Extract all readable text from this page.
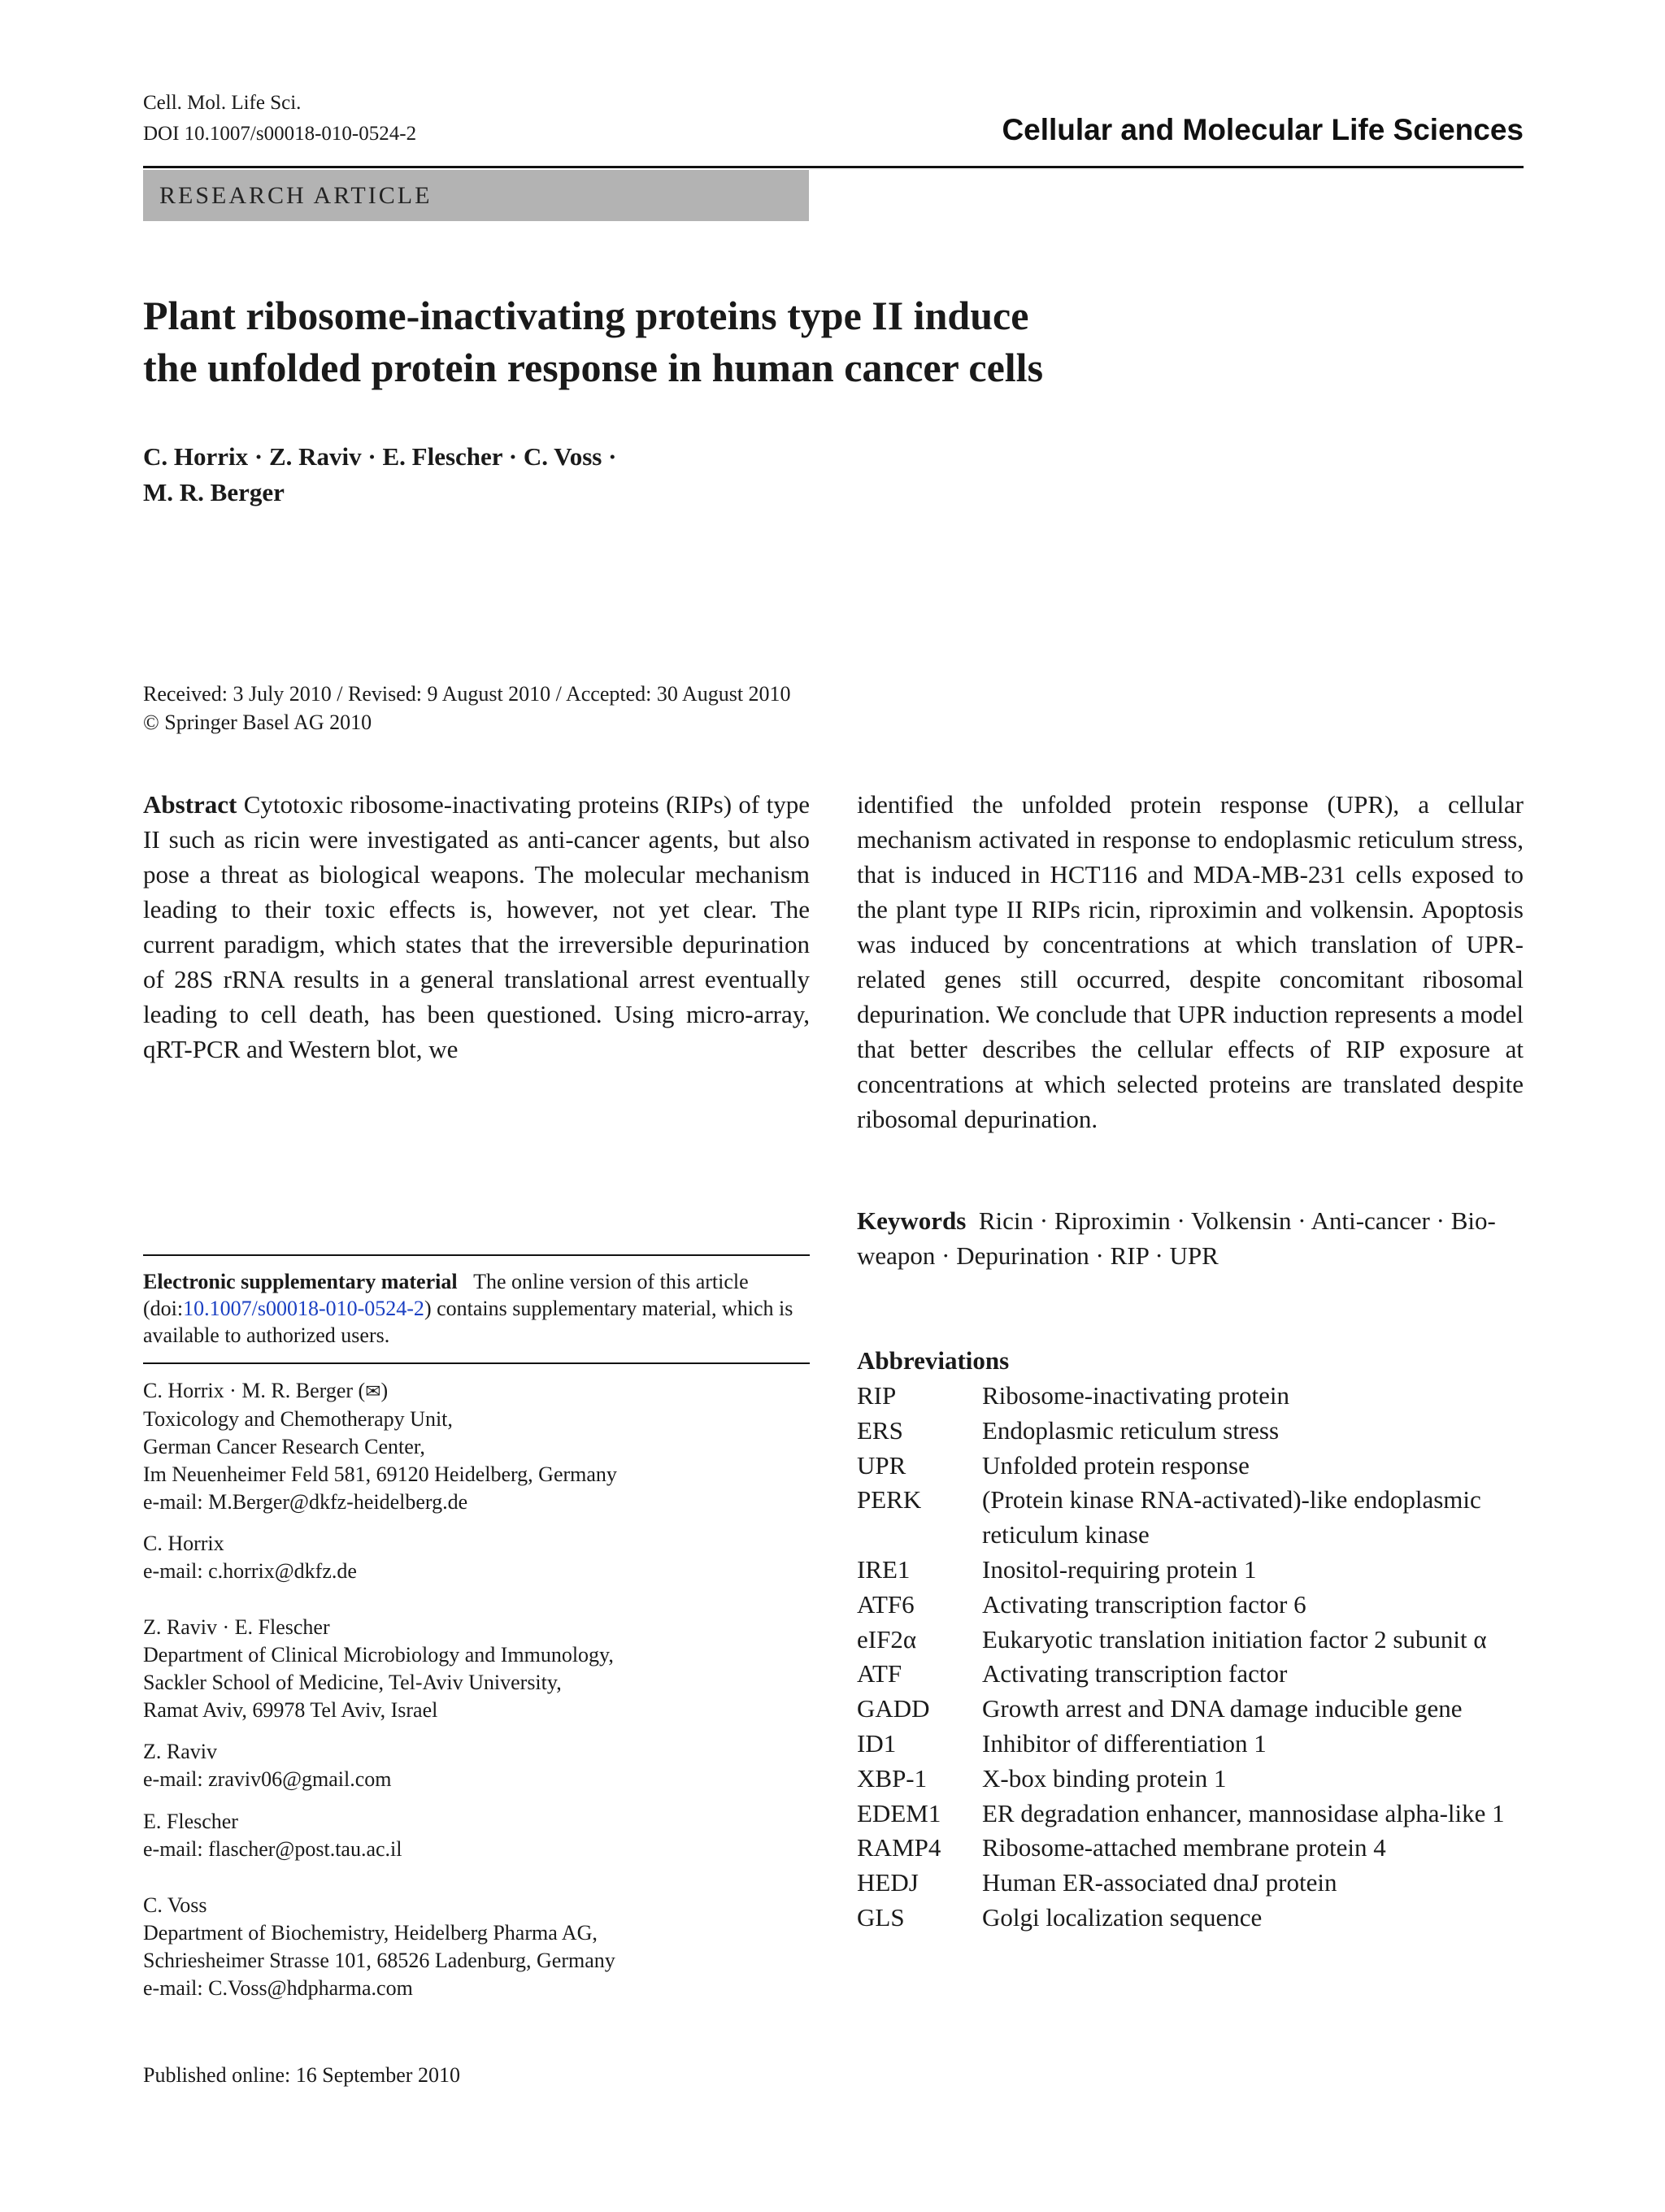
Cell. Mol. Life Sci.
DOI 10.1007/s00018-010-0524-2	Cellular and Molecular Life Sciences
RESEARCH ARTICLE
Plant ribosome-inactivating proteins type II induce
the unfolded protein response in human cancer cells
C. Horrix · Z. Raviv · E. Flescher · C. Voss ·
M. R. Berger
Received: 3 July 2010 / Revised: 9 August 2010 / Accepted: 30 August 2010
© Springer Basel AG 2010

Abstract Cytotoxic ribosome-inactivating proteins (RIPs) of type II such as ricin were investigated as anti-cancer agents, but also pose a threat as biological weapons. The molecular mechanism leading to their toxic effects is, however, not yet clear. The current paradigm, which states that the irreversible depurination of 28S rRNA results in a general translational arrest eventually leading to cell death, has been questioned. Using micro-array, qRT-PCR and Western blot, we

identified the unfolded protein response (UPR), a cellular mechanism activated in response to endoplasmic reticulum stress, that is induced in HCT116 and MDA-MB-231 cells exposed to the plant type II RIPs ricin, riproximin and volkensin. Apoptosis was induced by concentrations at which translation of UPR-related genes still occurred, despite concomitant ribosomal depurination. We conclude that UPR induction represents a model that better describes the cellular effects of RIP exposure at concentrations at which selected proteins are translated despite ribosomal depurination.

Keywords Ricin · Riproximin · Volkensin · Anti-cancer · Bio-weapon · Depurination · RIP · UPR
Abbreviations
RIP	Ribosome-inactivating protein
ERS	Endoplasmic reticulum stress
UPR	Unfolded protein response
PERK	(Protein kinase RNA-activated)-like endoplasmic reticulum kinase
IRE1	Inositol-requiring protein 1
ATF6	Activating transcription factor 6
eIF2α	Eukaryotic translation initiation factor 2 subunit α
ATF	Activating transcription factor
GADD	Growth arrest and DNA damage inducible gene
ID1	Inhibitor of differentiation 1
XBP-1	X-box binding protein 1
EDEM1	ER degradation enhancer, mannosidase alpha-like 1
RAMP4	Ribosome-attached membrane protein 4
HEDJ	Human ER-associated dnaJ protein
GLS	Golgi localization sequence
Electronic supplementary material The online version of this article (doi:10.1007/s00018-010-0524-2) contains supplementary material, which is available to authorized users.
C. Horrix · M. R. Berger (✉)
Toxicology and Chemotherapy Unit,
German Cancer Research Center,
Im Neuenheimer Feld 581, 69120 Heidelberg, Germany
e-mail: M.Berger@dkfz-heidelberg.de
C. Horrix
e-mail: c.horrix@dkfz.de
Z. Raviv · E. Flescher
Department of Clinical Microbiology and Immunology,
Sackler School of Medicine, Tel-Aviv University,
Ramat Aviv, 69978 Tel Aviv, Israel
Z. Raviv
e-mail: zraviv06@gmail.com
E. Flescher
e-mail: flascher@post.tau.ac.il
C. Voss
Department of Biochemistry, Heidelberg Pharma AG,
Schriesheimer Strasse 101, 68526 Ladenburg, Germany
e-mail: C.Voss@hdpharma.com
Published online: 16 September 2010
